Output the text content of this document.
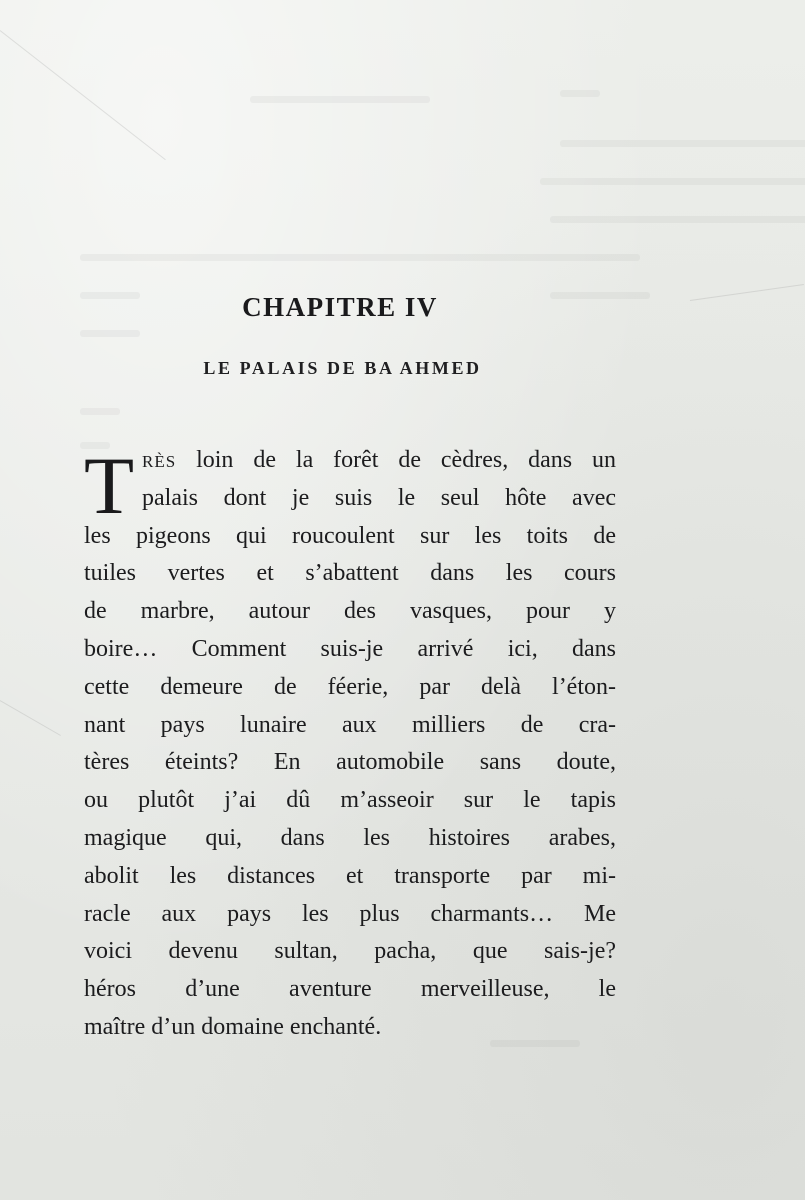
CHAPITRE IV
LE PALAIS DE BA AHMED
T RÈS loin de la forêt de cèdres, dans un
palais dont je suis le seul hôte avec
les pigeons qui roucoulent sur les toits de
tuiles vertes et s’abattent dans les cours
de marbre, autour des vasques, pour y
boire… Comment suis-je arrivé ici, dans
cette demeure de féerie, par delà l’éton-
nant pays lunaire aux milliers de cra-
tères éteints? En automobile sans doute,
ou plutôt j’ai dû m’asseoir sur le tapis
magique qui, dans les histoires arabes,
abolit les distances et transporte par mi-
racle aux pays les plus charmants… Me
voici devenu sultan, pacha, que sais-je?
héros d’une aventure merveilleuse, le
maître d’un domaine enchanté.
